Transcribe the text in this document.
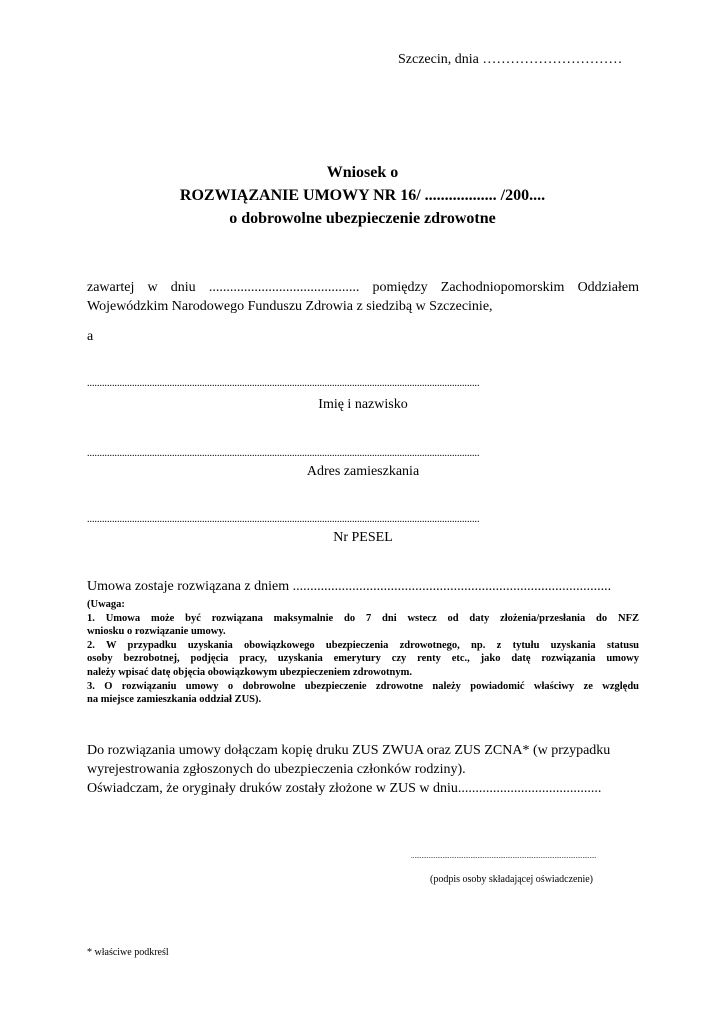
Szczecin, dnia …………………………
Wniosek o
ROZWIĄZANIE UMOWY NR 16/ .................. /200....
o dobrowolne ubezpieczenie zdrowotne
zawartej w dniu ........................................... pomiędzy Zachodniopomorskim Oddziałem
Wojewódzkim Narodowego Funduszu Zdrowia z siedzibą w Szczecinie,
a
.............................................................................................................................................................
Imię i nazwisko
.............................................................................................................................................................
Adres zamieszkania
.............................................................................................................................................................
Nr PESEL
Umowa zostaje rozwiązana z dniem ...........................................................................................
(Uwaga:
1. Umowa może być rozwiązana maksymalnie do 7 dni wstecz od daty złożenia/przesłania do NFZ
wniosku o rozwiązanie umowy.
2. W przypadku uzyskania obowiązkowego ubezpieczenia zdrowotnego, np. z tytułu uzyskania statusu
osoby bezrobotnej, podjęcia pracy, uzyskania emerytury czy renty etc., jako datę rozwiązania umowy
należy wpisać datę objęcia obowiązkowym ubezpieczeniem zdrowotnym.
3. O rozwiązaniu umowy o dobrowolne ubezpieczenie zdrowotne należy powiadomić właściwy ze względu
na miejsce zamieszkania oddział ZUS).
Do rozwiązania umowy dołączam kopię druku ZUS ZWUA oraz ZUS ZCNA* (w przypadku
wyrejestrowania zgłoszonych do ubezpieczenia członków rodziny).
Oświadczam, że oryginały druków zostały złożone w ZUS w dniu.........................................
..........................................................................................................
(podpis osoby składającej oświadczenie)
* właściwe podkreśl
